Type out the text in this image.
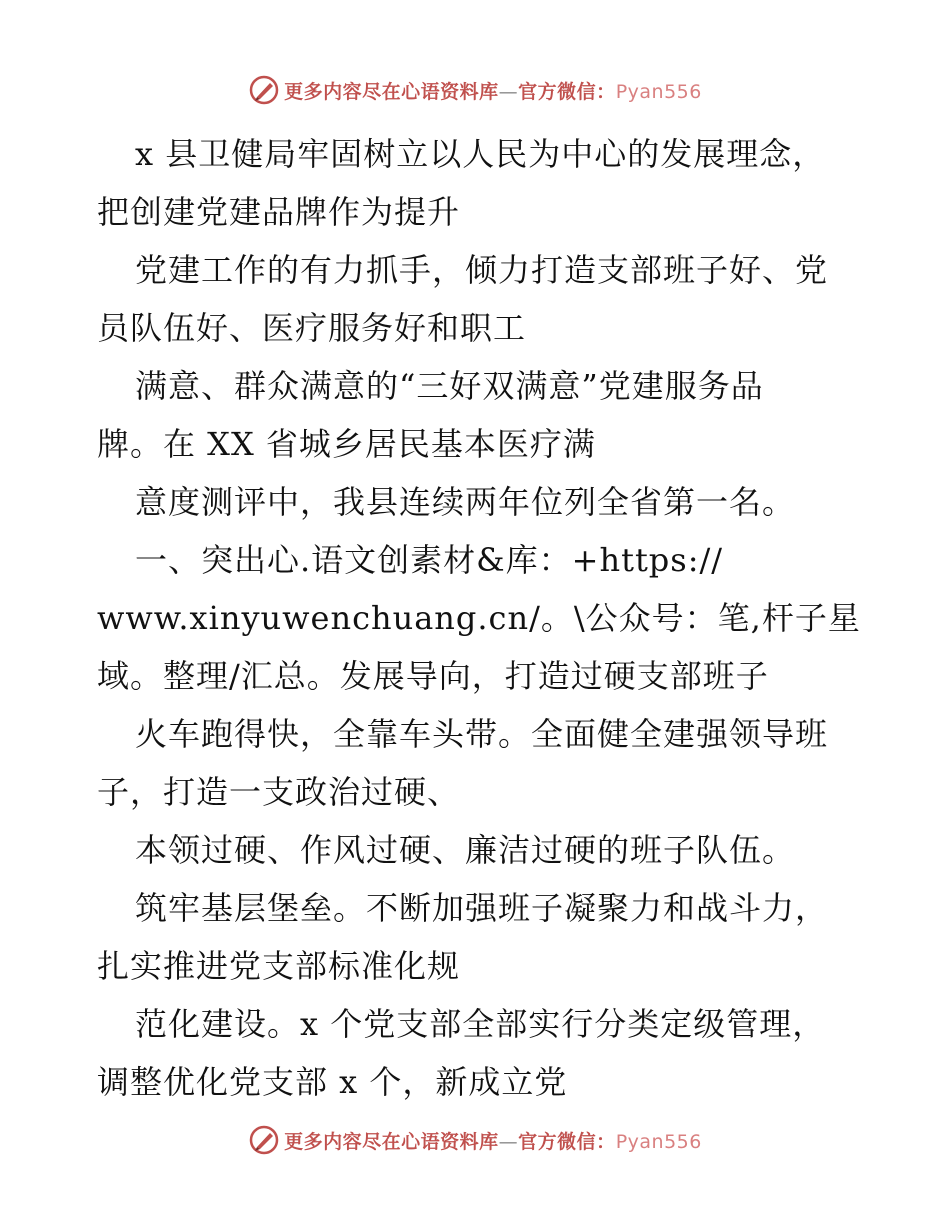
更多内容尽在心语资料库—官方微信：Pyan556
x 县卫健局牢固树立以人民为中心的发展理念，
把创建党建品牌作为提升
党建工作的有力抓手，倾力打造支部班子好、党
员队伍好、医疗服务好和职工
满意、群众满意的“三好双满意”党建服务品
牌。在 XX 省城乡居民基本医疗满
意度测评中，我县连续两年位列全省第一名。
一、突出心.语文创素材&库：+https://
www.xinyuwenchuang.cn/。\公众号：笔,杆子星
域。整理/汇总。发展导向，打造过硬支部班子
火车跑得快，全靠车头带。全面健全建强领导班
子，打造一支政治过硬、
本领过硬、作风过硬、廉洁过硬的班子队伍。
筑牢基层堡垒。不断加强班子凝聚力和战斗力，
扎实推进党支部标准化规
范化建设。x 个党支部全部实行分类定级管理，
调整优化党支部 x 个，新成立党
更多内容尽在心语资料库—官方微信：Pyan556
